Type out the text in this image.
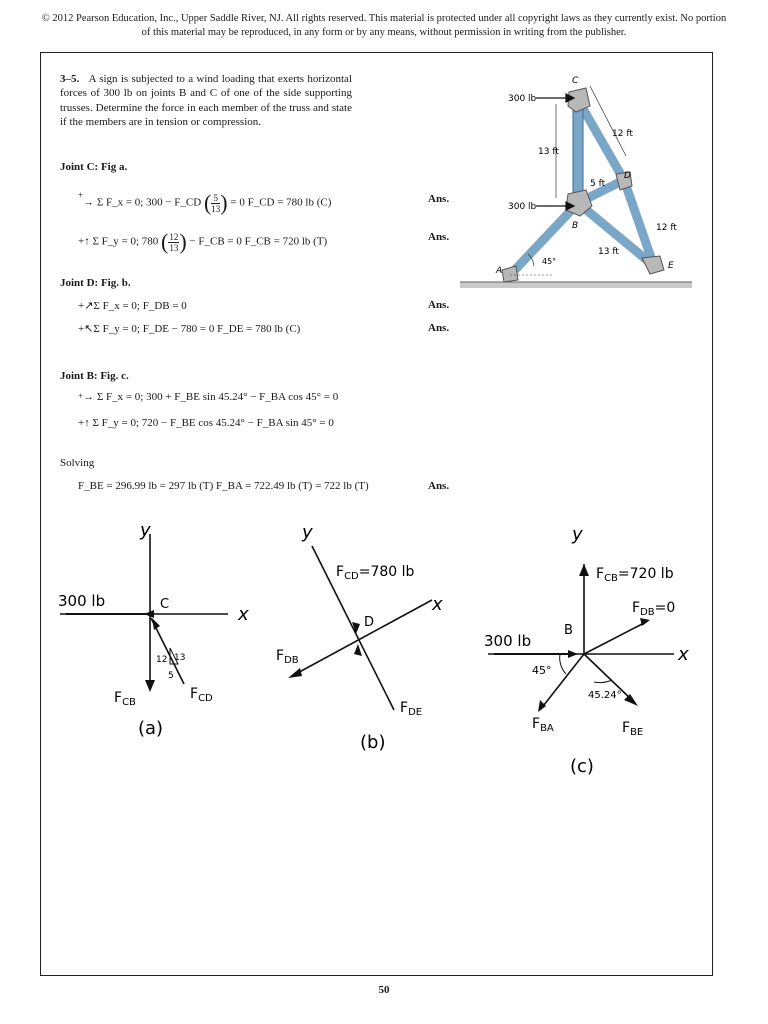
© 2012 Pearson Education, Inc., Upper Saddle River, NJ. All rights reserved. This material is protected under all copyright laws as they currently exist. No portion of this material may be reproduced, in any form or by any means, without permission in writing from the publisher.
3–5. A sign is subjected to a wind loading that exerts horizontal forces of 300 lb on joints B and C of one of the side supporting trusses. Determine the force in each member of the truss and state if the members are in tension or compression.
Joint C: Fig a.
+→ Σ F_x = 0; 300 − F_CD ( $\frac{5}{13}$ ) = 0 F_CD = 780 lb (C)	Ans.
+↑ Σ F_y = 0; 780 ( $\frac{12}{13}$ ) − F_CB = 0 F_CB = 720 lb (T)	Ans.
Joint D: Fig. b.
+↗Σ F_x = 0; F_DB = 0	Ans.
+↖Σ F_y = 0; F_DE − 780 = 0 F_DE = 780 lb (C)	Ans.
Joint B: Fig. c.
+→ Σ F_x = 0; 300 + F_BE sin 45.24° − F_BA cos 45° = 0
+↑ Σ F_y = 0; 720 − F_BE cos 45.24° − F_BA sin 45° = 0
Solving
F_BE = 296.99 lb = 297 lb (T) F_BA = 722.49 lb (T) = 722 lb (T)	Ans.
300 lb
300 lb
13 ft
12 ft
5 ft
12 ft
13 ft
45°
C
B
D
E
A
y
x
300 lb	C
12 13
5
$F_{CB}$
$F_{CD}$
(a)
y
x
D
$F_{CD}=780$ lb
$F_{DB}$
$F_{DE}$
(b)
y
x
300 lb
B
$F_{CB}=720$ lb
$F_{DB}=0$
45°
45.24°
$F_{BA}$	$F_{BE}$
(c)
50
